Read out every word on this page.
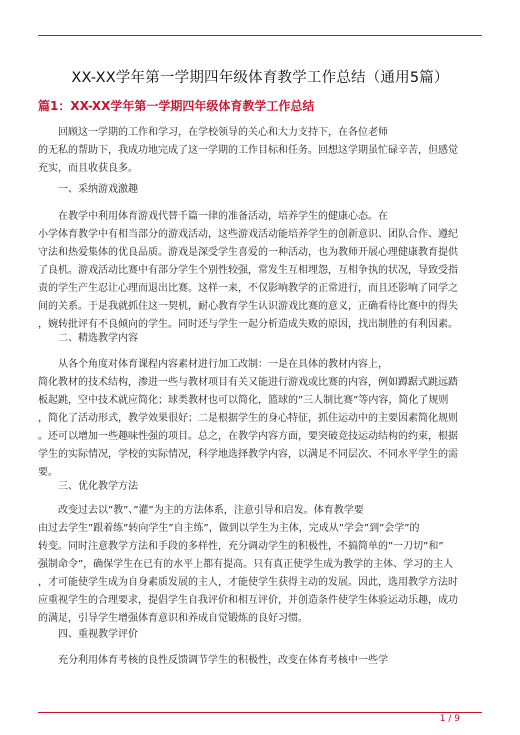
XX-XX学年第一学期四年级体育教学工作总结（通用5篇）
篇1：XX-XX学年第一学期四年级体育教学工作总结
回顾这一学期的工作和学习，在学校领导的关心和大力支持下，在各位老师
的无私的帮助下，我成功地完成了这一学期的工作目标和任务。回想这学期虽忙碌辛苦，但感觉
充实，而且收获良多。
一、采纳游戏激趣
在教学中利用体育游戏代替千篇一律的准备活动，培养学生的健康心态。在
小学体育教学中有相当部分的游戏活动，这些游戏活动能培养学生的创新意识、团队合作、遵纪
守法和热爱集体的优良品质。游戏是深受学生喜爱的一种活动，也为教师开展心理健康教育提供
了良机。游戏活动比赛中有部分学生个别性较强，常发生互相埋怨，互相争执的状况，导致受指
责的学生产生忍让心理而退出比赛。这样一来，不仅影响教学的正常进行，而且还影响了同学之
间的关系。于是我就抓住这一契机，耐心教育学生认识游戏比赛的意义，正确看待比赛中的得失
，婉转批评有不良倾向的学生。同时还与学生一起分析造成失败的原因，找出制胜的有利因素。
二、精选教学内容
从各个角度对体育课程内容素材进行加工改制：一是在具体的教材内容上，
简化教材的技术结构，渗进一些与教材项目有关又能进行游戏或比赛的内容，例如蹲踞式跳远踏
板起跳，空中技术就应简化；球类教材也可以简化，篮球的”三人制比赛”等内容，简化了规则
，简化了活动形式，教学效果很好；二是根据学生的身心特征，抓住运动中的主要因素简化规则
。还可以增加一些趣味性强的项目。总之，在教学内容方面，要突破竞技运动结构的约束，根据
学生的实际情况，学校的实际情况，科学地选择教学内容，以满足不同层次、不同水平学生的需
要。
三、优化教学方法
改变过去以”教”、”灌”为主的方法体系，注意引导和启发。体育教学要
由过去学生”跟着练”转向学生”自主练”，做到以学生为主体，完成从”学会”到”会学”的
转变。同时注意教学方法和手段的多样性，充分调动学生的积极性，不搞简单的”一刀切”和”
强制命令”，确保学生在已有的水平上都有提高。只有真正使学生成为教学的主体、学习的主人
，才可能使学生成为自身素质发展的主人，才能使学生获得主动的发展。因此，选用教学方法时
应重视学生的合理要求，提倡学生自我评价和相互评价，并创造条件使学生体验运动乐趣，成功
的满足，引导学生增强体育意识和养成自觉锻炼的良好习惯。
四、重视教学评价
充分利用体育考核的良性反馈调节学生的积极性，改变在体育考核中一些学
1 / 9
